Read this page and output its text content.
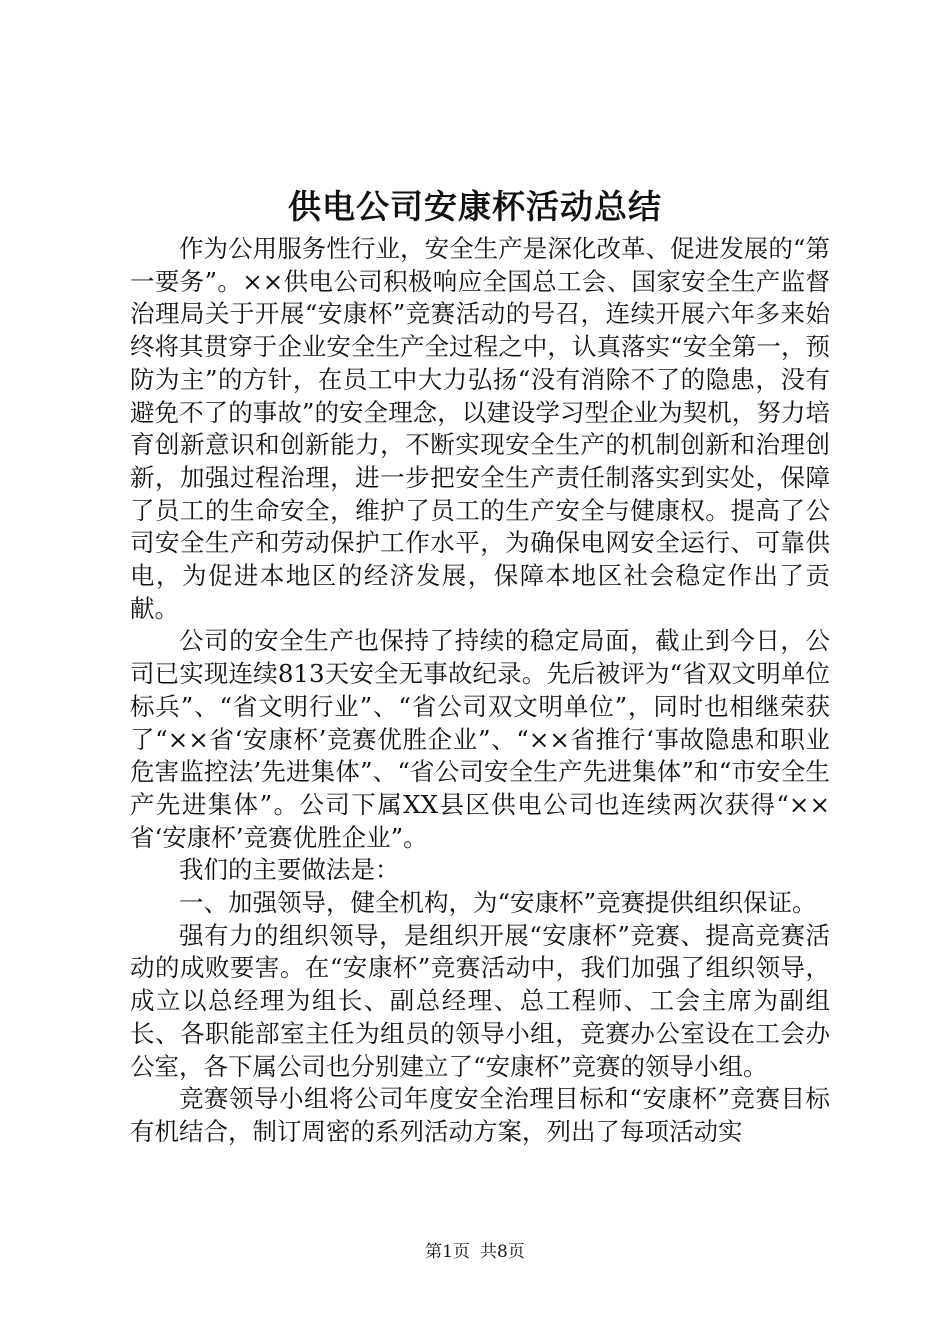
供电公司安康杯活动总结

作为公用服务性行业，安全生产是深化改革、促进发展的“第一要务”。××供电公司积极响应全国总工会、国家安全生产监督治理局关于开展“安康杯”竞赛活动的号召，连续开展六年多来始终将其贯穿于企业安全生产全过程之中，认真落实“安全第一，预防为主”的方针，在员工中大力弘扬“没有消除不了的隐患，没有避免不了的事故”的安全理念，以建设学习型企业为契机，努力培育创新意识和创新能力，不断实现安全生产的机制创新和治理创新，加强过程治理，进一步把安全生产责任制落实到实处，保障了员工的生命安全，维护了员工的生产安全与健康权。提高了公司安全生产和劳动保护工作水平，为确保电网安全运行、可靠供电，为促进本地区的经济发展，保障本地区社会稳定作出了贡献。

公司的安全生产也保持了持续的稳定局面，截止到今日，公司已实现连续813天安全无事故纪录。先后被评为“省双文明单位标兵”、“省文明行业”、“省公司双文明单位”，同时也相继荣获了“××省‘安康杯’竞赛优胜企业”、“××省推行‘事故隐患和职业危害监控法’先进集体”、“省公司安全生产先进集体”和“市安全生产先进集体”。公司下属XX县区供电公司也连续两次获得“××省‘安康杯’竞赛优胜企业”。

我们的主要做法是：

一、加强领导，健全机构，为“安康杯”竞赛提供组织保证。

强有力的组织领导，是组织开展“安康杯”竞赛、提高竞赛活动的成败要害。在“安康杯”竞赛活动中，我们加强了组织领导，成立以总经理为组长、副总经理、总工程师、工会主席为副组长、各职能部室主任为组员的领导小组，竞赛办公室设在工会办公室，各下属公司也分别建立了“安康杯”竞赛的领导小组。

竞赛领导小组将公司年度安全治理目标和“安康杯”竞赛目标有机结合，制订周密的系列活动方案，列出了每项活动实

第1页 共8页
